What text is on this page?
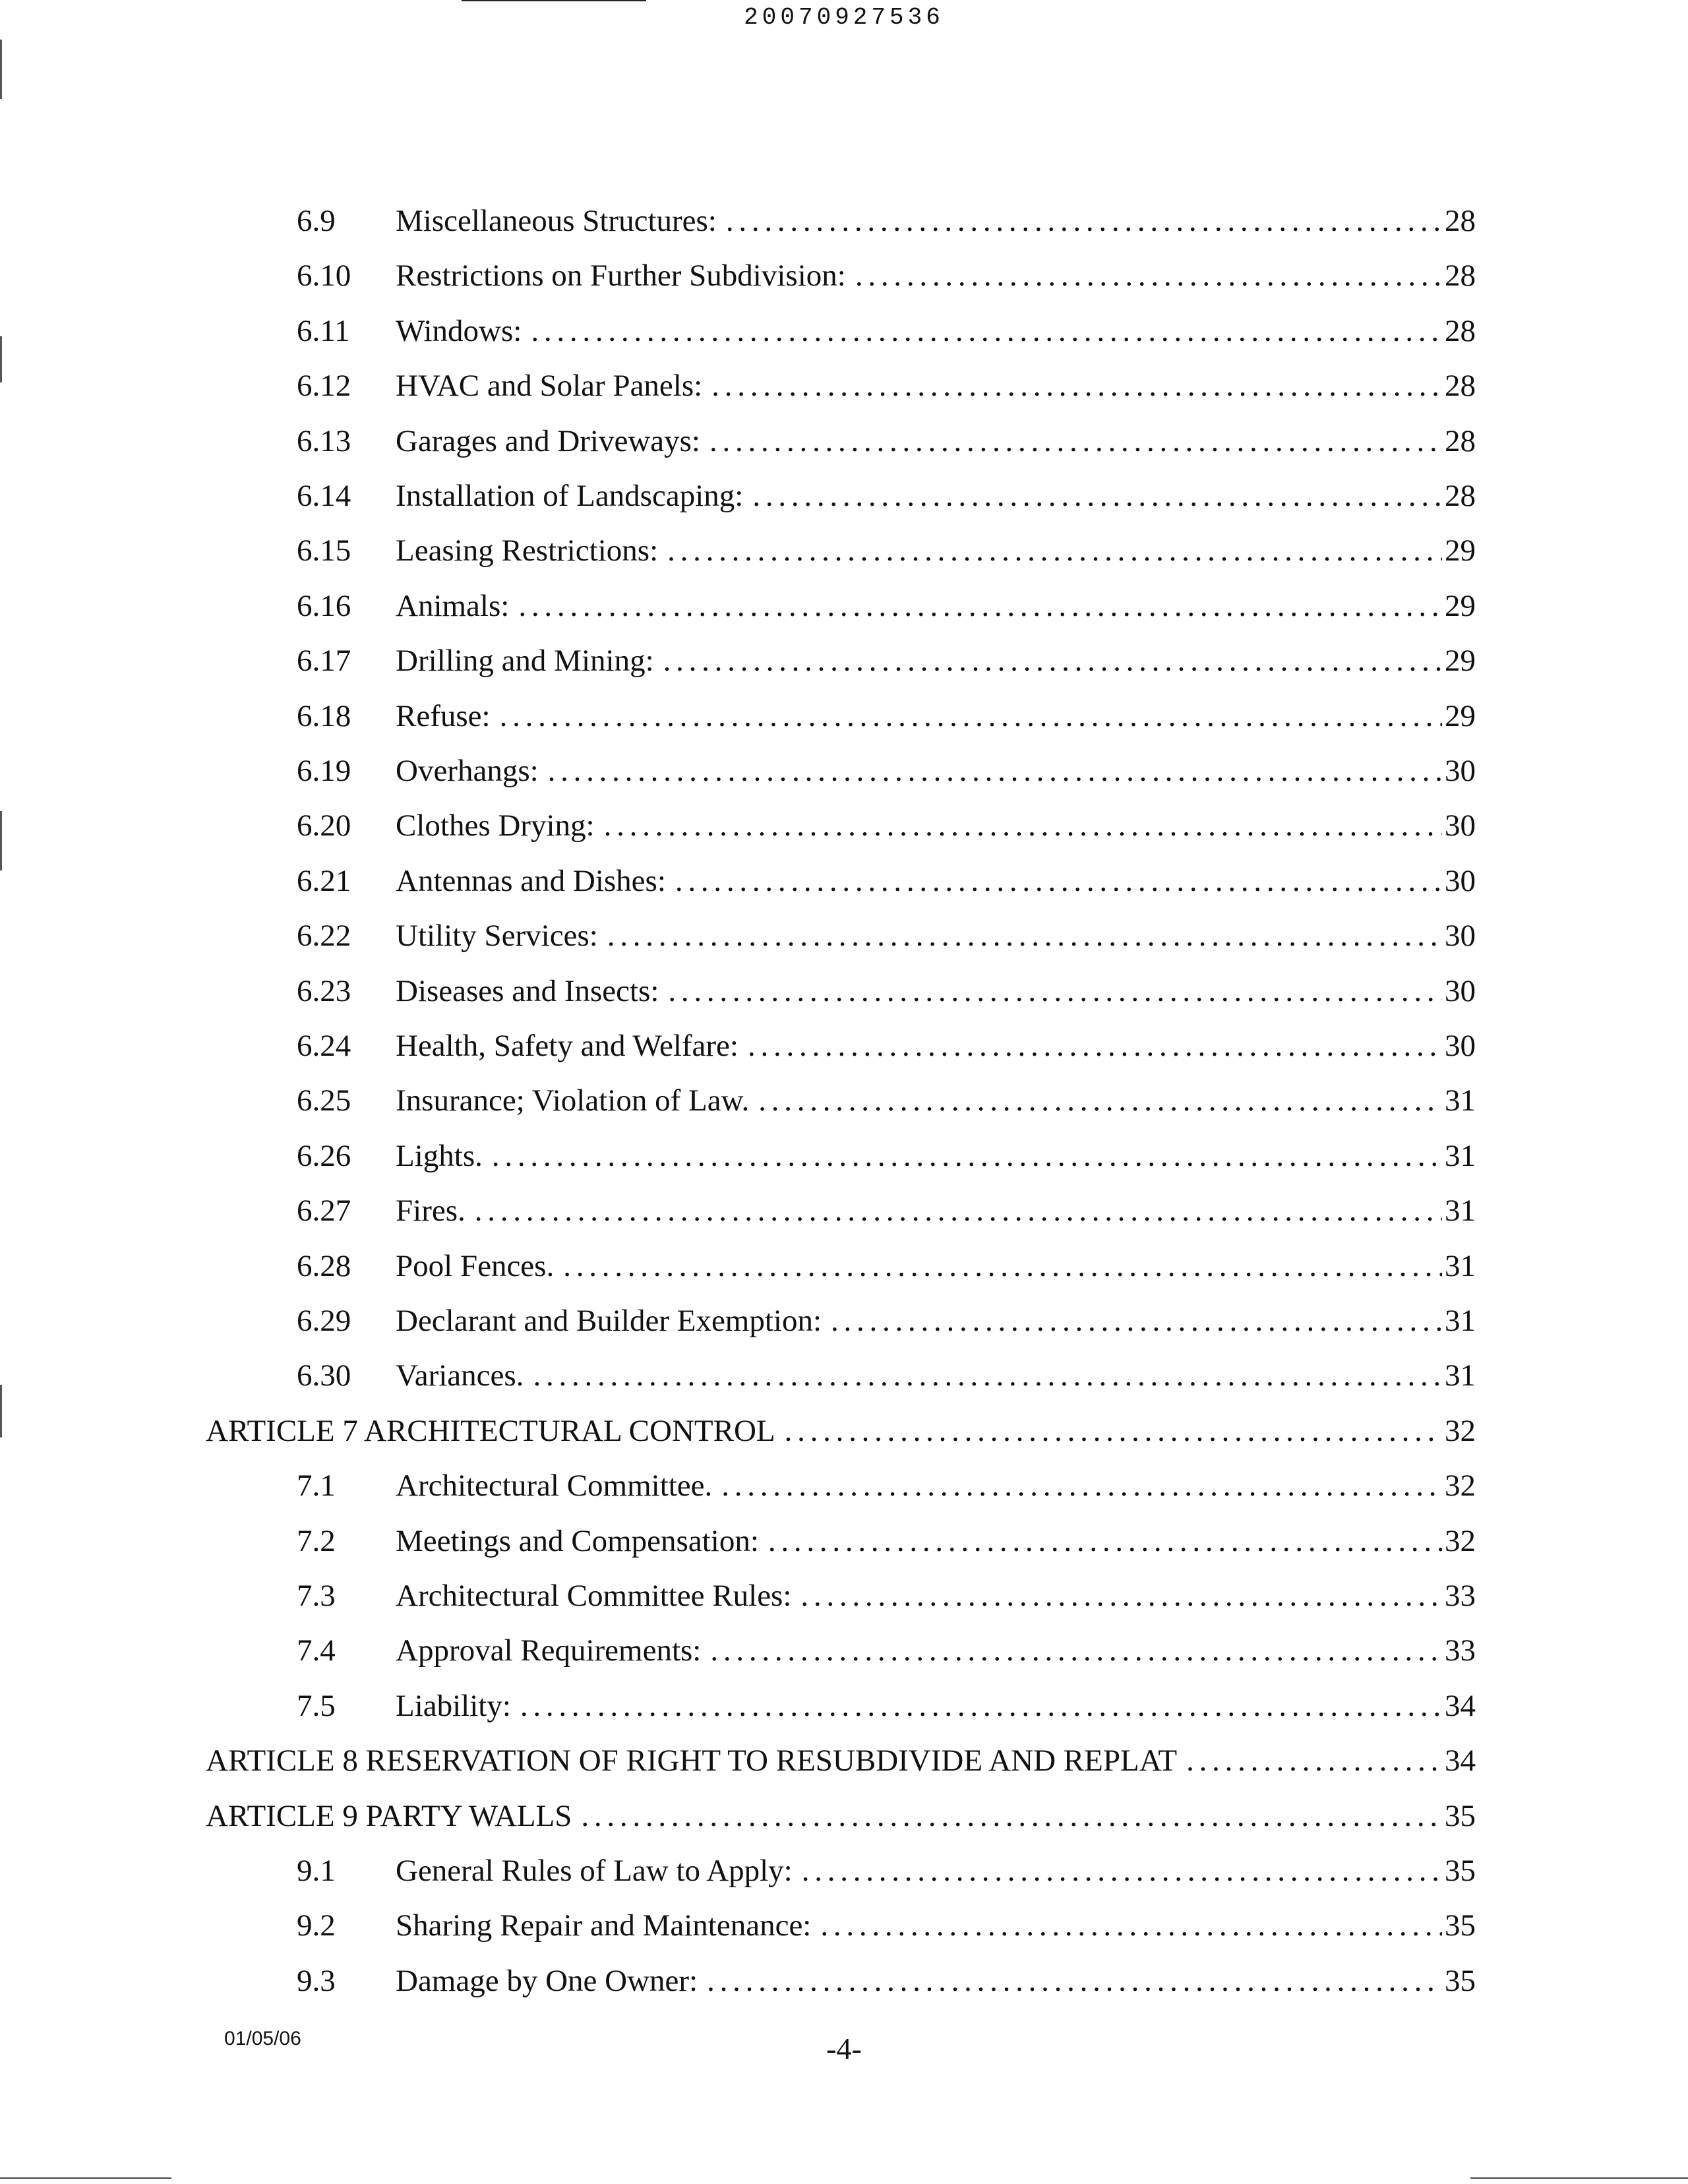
20070927536
6.9 Miscellaneous Structures: . . .	28
6.10 Restrictions on Further Subdivision: . . .	28
6.11 Windows: . . .	28
6.12 HVAC and Solar Panels: . . .	28
6.13 Garages and Driveways: . . .	28
6.14 Installation of Landscaping: . . .	28
6.15 Leasing Restrictions: . . .	29
6.16 Animals: . . .	29
6.17 Drilling and Mining: . . .	29
6.18 Refuse: . . .	29
6.19 Overhangs: . . .	30
6.20 Clothes Drying: . . .	30
6.21 Antennas and Dishes: . . .	30
6.22 Utility Services: . . .	30
6.23 Diseases and Insects: . . .	30
6.24 Health, Safety and Welfare: . . .	30
6.25 Insurance; Violation of Law. . . .	31
6.26 Lights. . . .	31
6.27 Fires. . . .	31
6.28 Pool Fences. . . .	31
6.29 Declarant and Builder Exemption: . . .	31
6.30 Variances. . . .	31
ARTICLE 7 ARCHITECTURAL CONTROL . . .	32
7.1 Architectural Committee. . . .	32
7.2 Meetings and Compensation: . . .	32
7.3 Architectural Committee Rules: . . .	33
7.4 Approval Requirements: . . .	33
7.5 Liability: . . .	34
ARTICLE 8 RESERVATION OF RIGHT TO RESUBDIVIDE AND REPLAT . . .	34
ARTICLE 9 PARTY WALLS . . .	35
9.1 General Rules of Law to Apply: . . .	35
9.2 Sharing Repair and Maintenance: . . .	35
9.3 Damage by One Owner: . . .	35
01/05/06	-4-
